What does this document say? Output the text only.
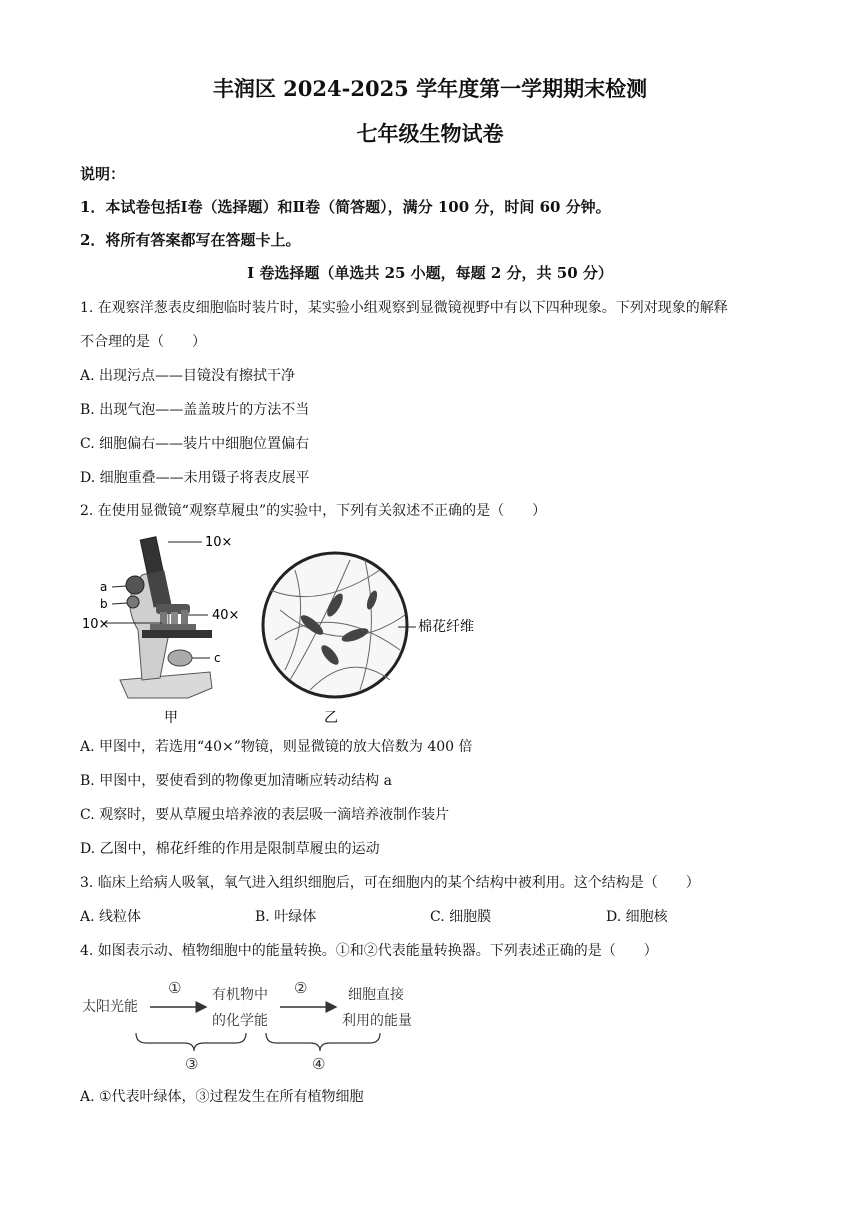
丰润区 2024-2025 学年度第一学期期末检测
七年级生物试卷
说明：
1．本试卷包括Ⅰ卷（选择题）和Ⅱ卷（简答题），满分 100 分，时间 60 分钟。
2．将所有答案都写在答题卡上。
I 卷选择题（单选共 25 小题，每题 2 分，共 50 分）
1. 在观察洋葱表皮细胞临时装片时，某实验小组观察到显微镜视野中有以下四种现象。下列对现象的解释
不合理的是（　　）
A. 出现污点——目镜没有擦拭干净
B. 出现气泡——盖盖玻片的方法不当
C. 细胞偏右——装片中细胞位置偏右
D. 细胞重叠——未用镊子将表皮展平
2. 在使用显微镜“观察草履虫”的实验中，下列有关叙述不正确的是（　　）
10×
a
b
10×
40×
c
棉花纤维
甲	乙
A. 甲图中，若选用“40×”物镜，则显微镜的放大倍数为 400 倍
B. 甲图中，要使看到的物像更加清晰应转动结构 a
C. 观察时，要从草履虫培养液的表层吸一滴培养液制作装片
D. 乙图中，棉花纤维的作用是限制草履虫的运动
3. 临床上给病人吸氧，氧气进入组织细胞后，可在细胞内的某个结构中被利用。这个结构是（　　）
A. 线粒体	B. 叶绿体	C. 细胞膜	D. 细胞核
4. 如图表示动、植物细胞中的能量转换。①和②代表能量转换器。下列表述正确的是（　　）
太阳光能
① 有机物中
的化学能
②	细胞直接
利用的能量
③	④
A. ①代表叶绿体，③过程发生在所有植物细胞
